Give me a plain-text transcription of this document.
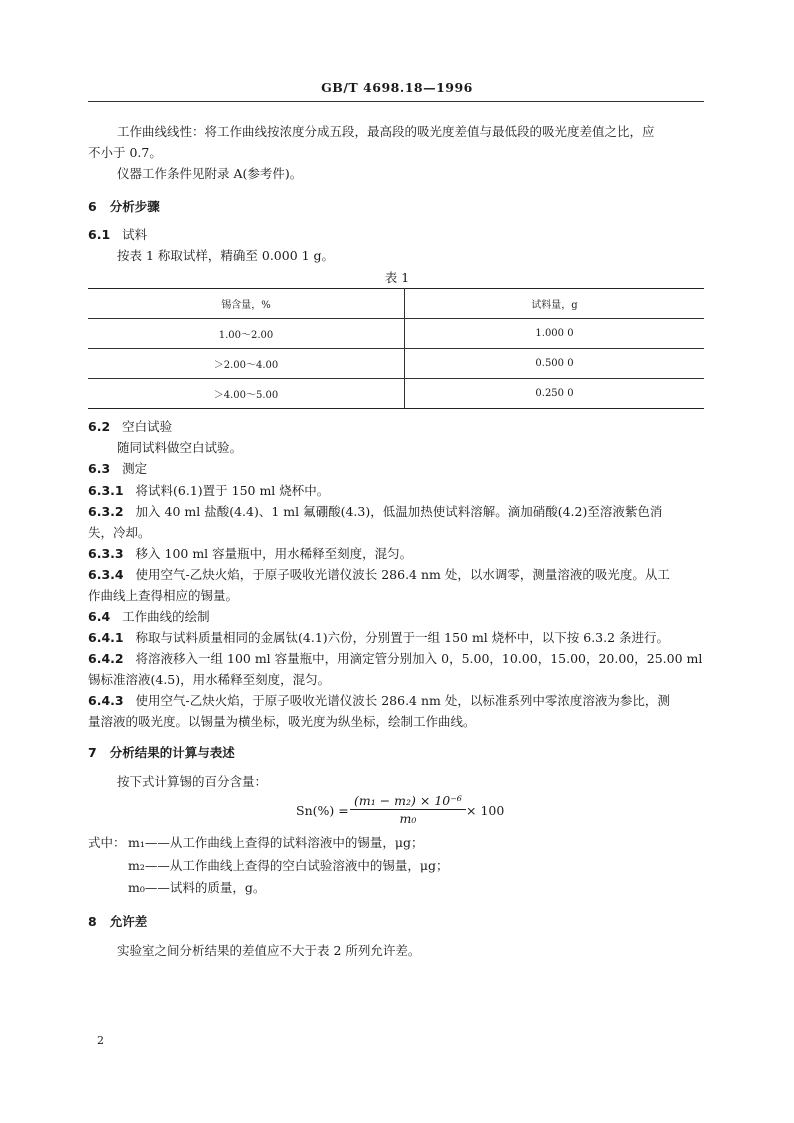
GB/T 4698.18—1996
工作曲线线性：将工作曲线按浓度分成五段，最高段的吸光度差值与最低段的吸光度差值之比，应
不小于 0.7。
仪器工作条件见附录 A(参考件)。
6 分析步骤
6.1 试料
按表 1 称取试样，精确至 0.000 1 g。
表 1
锡含量，%	试料量，g
1.00～2.00	1.000 0
＞2.00～4.00	0.500 0
＞4.00～5.00	0.250 0
6.2 空白试验
随同试料做空白试验。
6.3 测定
6.3.1 将试料(6.1)置于 150 ml 烧杯中。
6.3.2 加入 40 ml 盐酸(4.4)、1 ml 氟硼酸(4.3)，低温加热使试料溶解。滴加硝酸(4.2)至溶液紫色消
失，冷却。
6.3.3 移入 100 ml 容量瓶中，用水稀释至刻度，混匀。
6.3.4 使用空气-乙炔火焰，于原子吸收光谱仪波长 286.4 nm 处，以水调零，测量溶液的吸光度。从工
作曲线上查得相应的锡量。
6.4 工作曲线的绘制
6.4.1 称取与试料质量相同的金属钛(4.1)六份，分别置于一组 150 ml 烧杯中，以下按 6.3.2 条进行。
6.4.2 将溶液移入一组 100 ml 容量瓶中，用滴定管分别加入 0，5.00，10.00，15.00，20.00，25.00 ml
锡标准溶液(4.5)，用水稀释至刻度，混匀。
6.4.3 使用空气-乙炔火焰，于原子吸收光谱仪波长 286.4 nm 处，以标准系列中零浓度溶液为参比，测
量溶液的吸光度。以锡量为横坐标，吸光度为纵坐标，绘制工作曲线。
7 分析结果的计算与表述
按下式计算锡的百分含量：
$Sn(\%) = \frac{\text{(m₁ − m₂) × 10⁻⁶}}{\text{m₀}} \times 100$
式中： m₁——从工作曲线上查得的试料溶液中的锡量，μg；
m₂——从工作曲线上查得的空白试验溶液中的锡量，μg；
m₀——试料的质量，g。
8 允许差
实验室之间分析结果的差值应不大于表 2 所列允许差。
2
